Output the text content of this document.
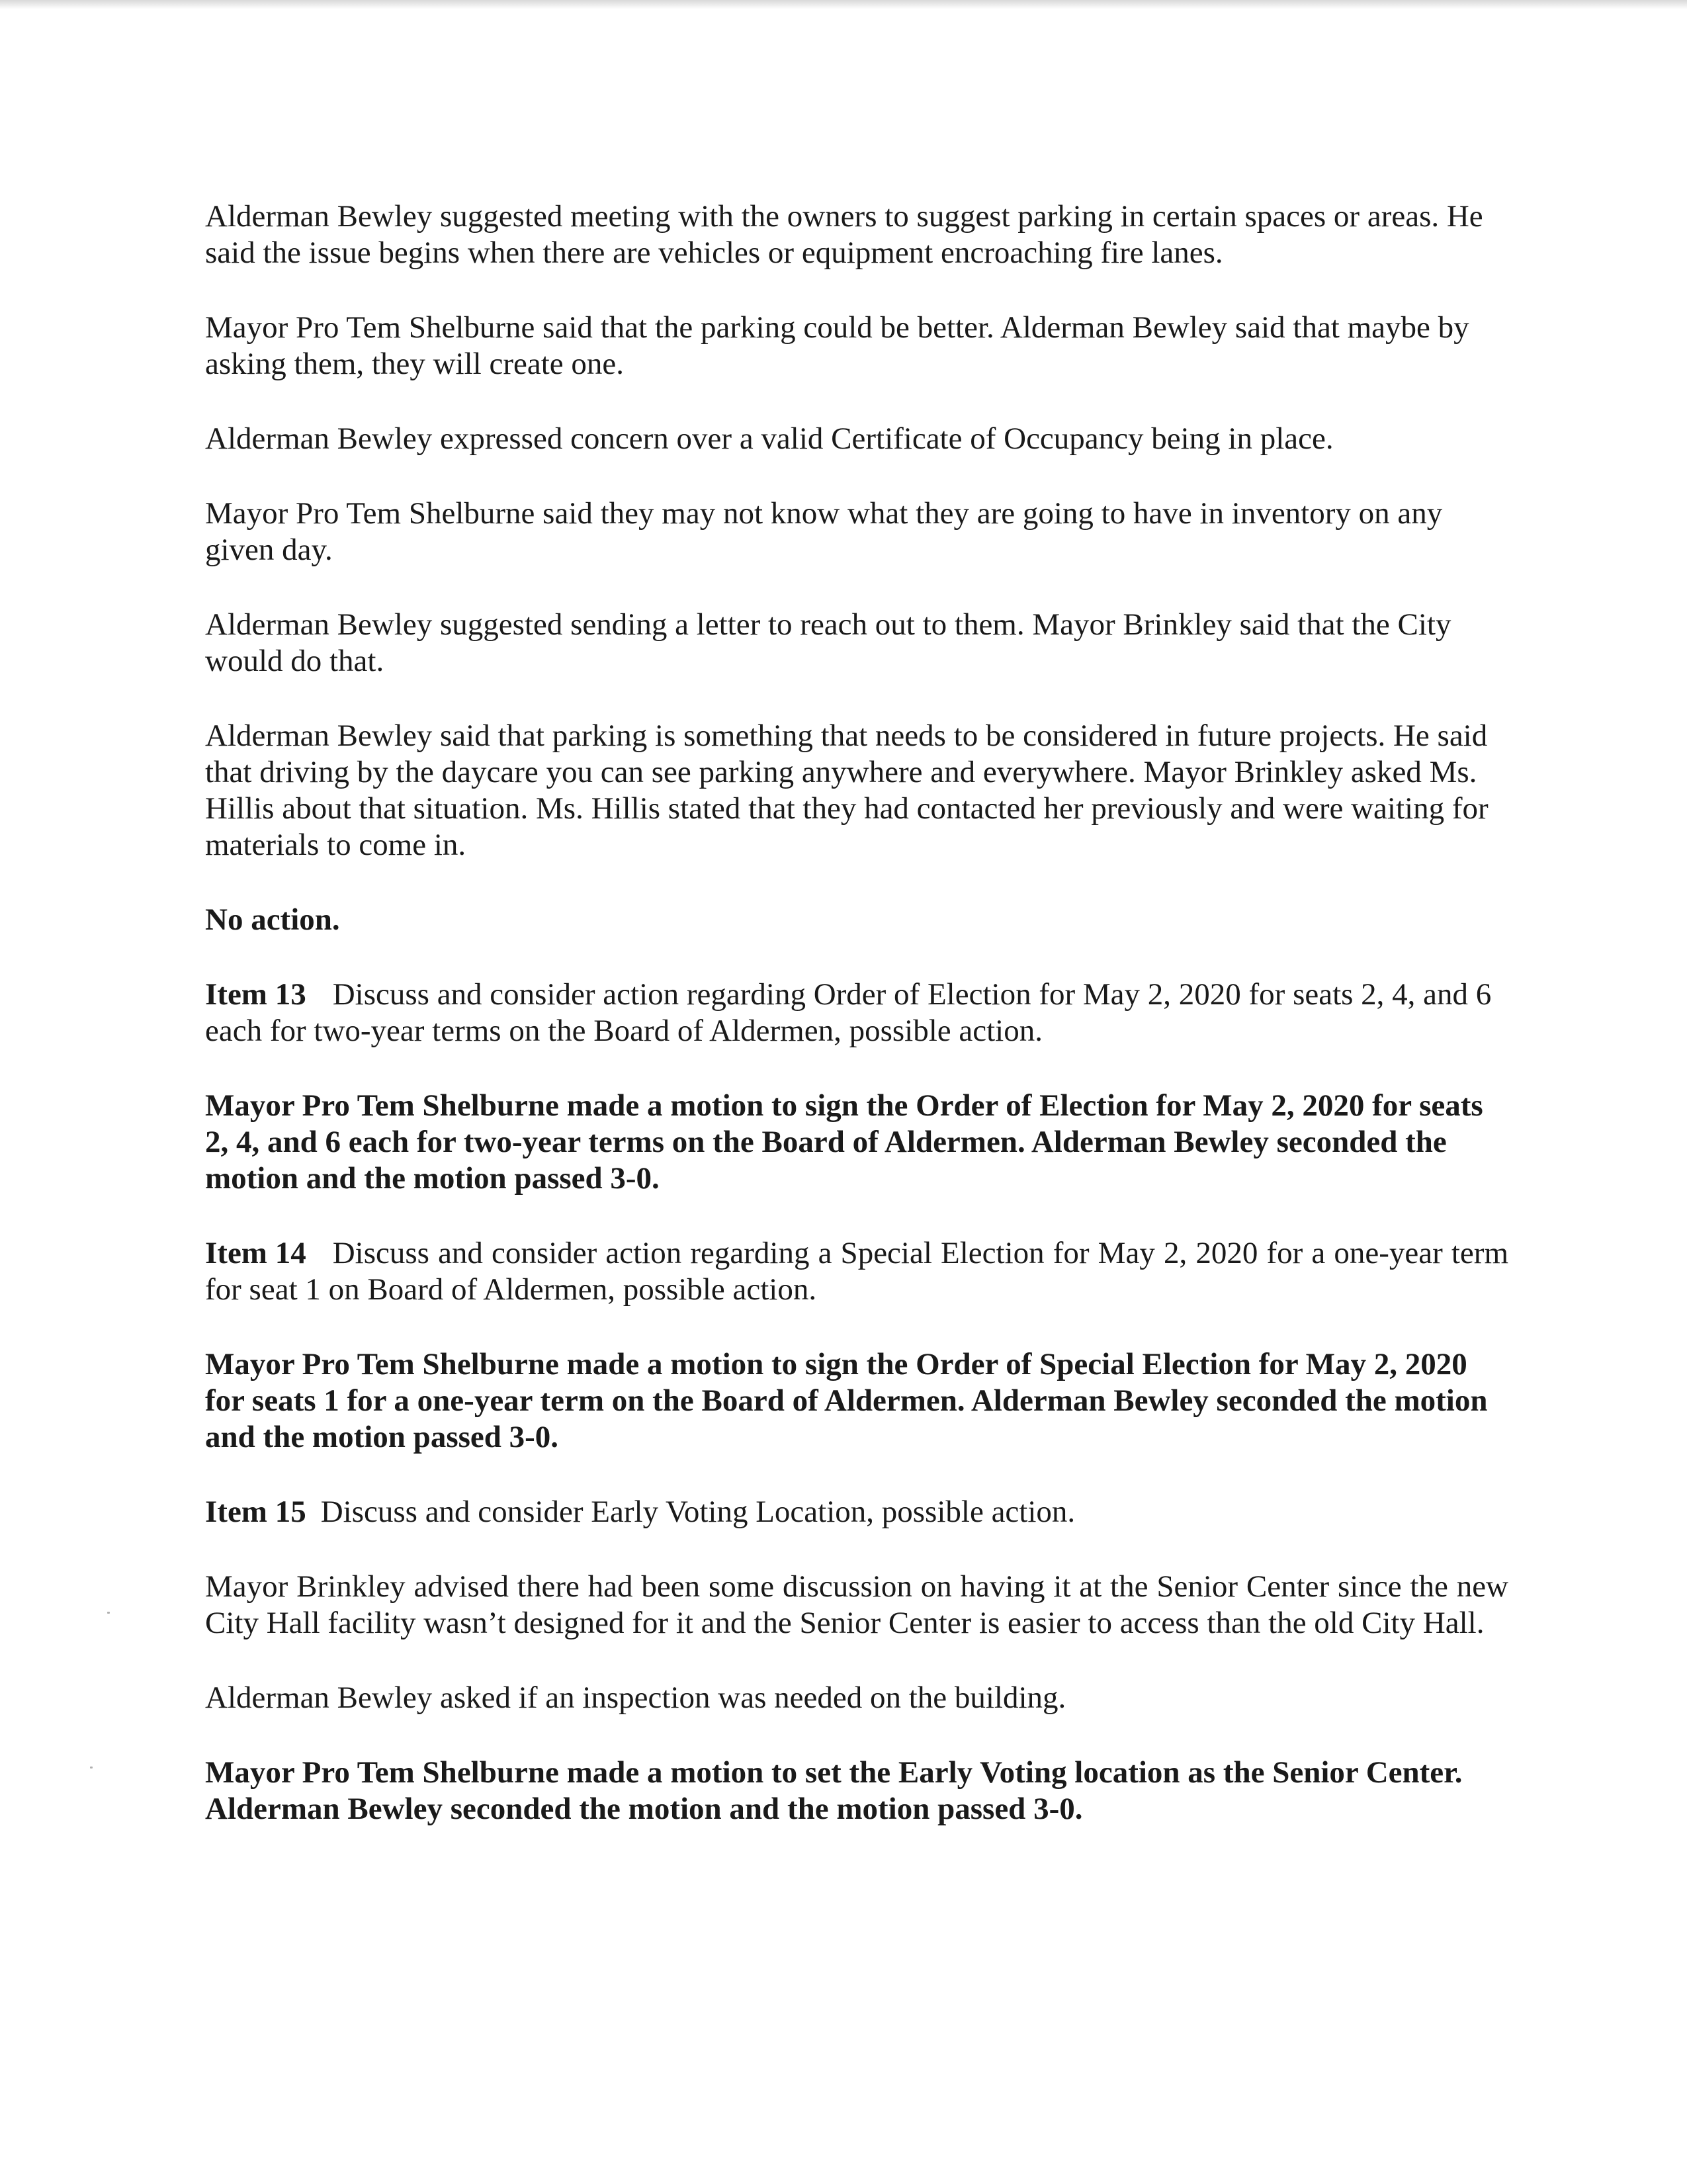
Alderman Bewley suggested meeting with the owners to suggest parking in certain spaces or areas. He said the issue begins when there are vehicles or equipment encroaching fire lanes.

Mayor Pro Tem Shelburne said that the parking could be better. Alderman Bewley said that maybe by asking them, they will create one.

Alderman Bewley expressed concern over a valid Certificate of Occupancy being in place.

Mayor Pro Tem Shelburne said they may not know what they are going to have in inventory on any given day.

Alderman Bewley suggested sending a letter to reach out to them. Mayor Brinkley said that the City would do that.

Alderman Bewley said that parking is something that needs to be considered in future projects. He said that driving by the daycare you can see parking anywhere and everywhere. Mayor Brinkley asked Ms. Hillis about that situation. Ms. Hillis stated that they had contacted her previously and were waiting for materials to come in.

No action.

Item 13 Discuss and consider action regarding Order of Election for May 2, 2020 for seats 2, 4, and 6 each for two-year terms on the Board of Aldermen, possible action.

Mayor Pro Tem Shelburne made a motion to sign the Order of Election for May 2, 2020 for seats 2, 4, and 6 each for two-year terms on the Board of Aldermen. Alderman Bewley seconded the motion and the motion passed 3-0.

Item 14 Discuss and consider action regarding a Special Election for May 2, 2020 for a one-year term for seat 1 on Board of Aldermen, possible action.

Mayor Pro Tem Shelburne made a motion to sign the Order of Special Election for May 2, 2020 for seats 1 for a one-year term on the Board of Aldermen. Alderman Bewley seconded the motion and the motion passed 3-0.

Item 15 Discuss and consider Early Voting Location, possible action.

Mayor Brinkley advised there had been some discussion on having it at the Senior Center since the new City Hall facility wasn’t designed for it and the Senior Center is easier to access than the old City Hall.

Alderman Bewley asked if an inspection was needed on the building.

Mayor Pro Tem Shelburne made a motion to set the Early Voting location as the Senior Center. Alderman Bewley seconded the motion and the motion passed 3-0.
